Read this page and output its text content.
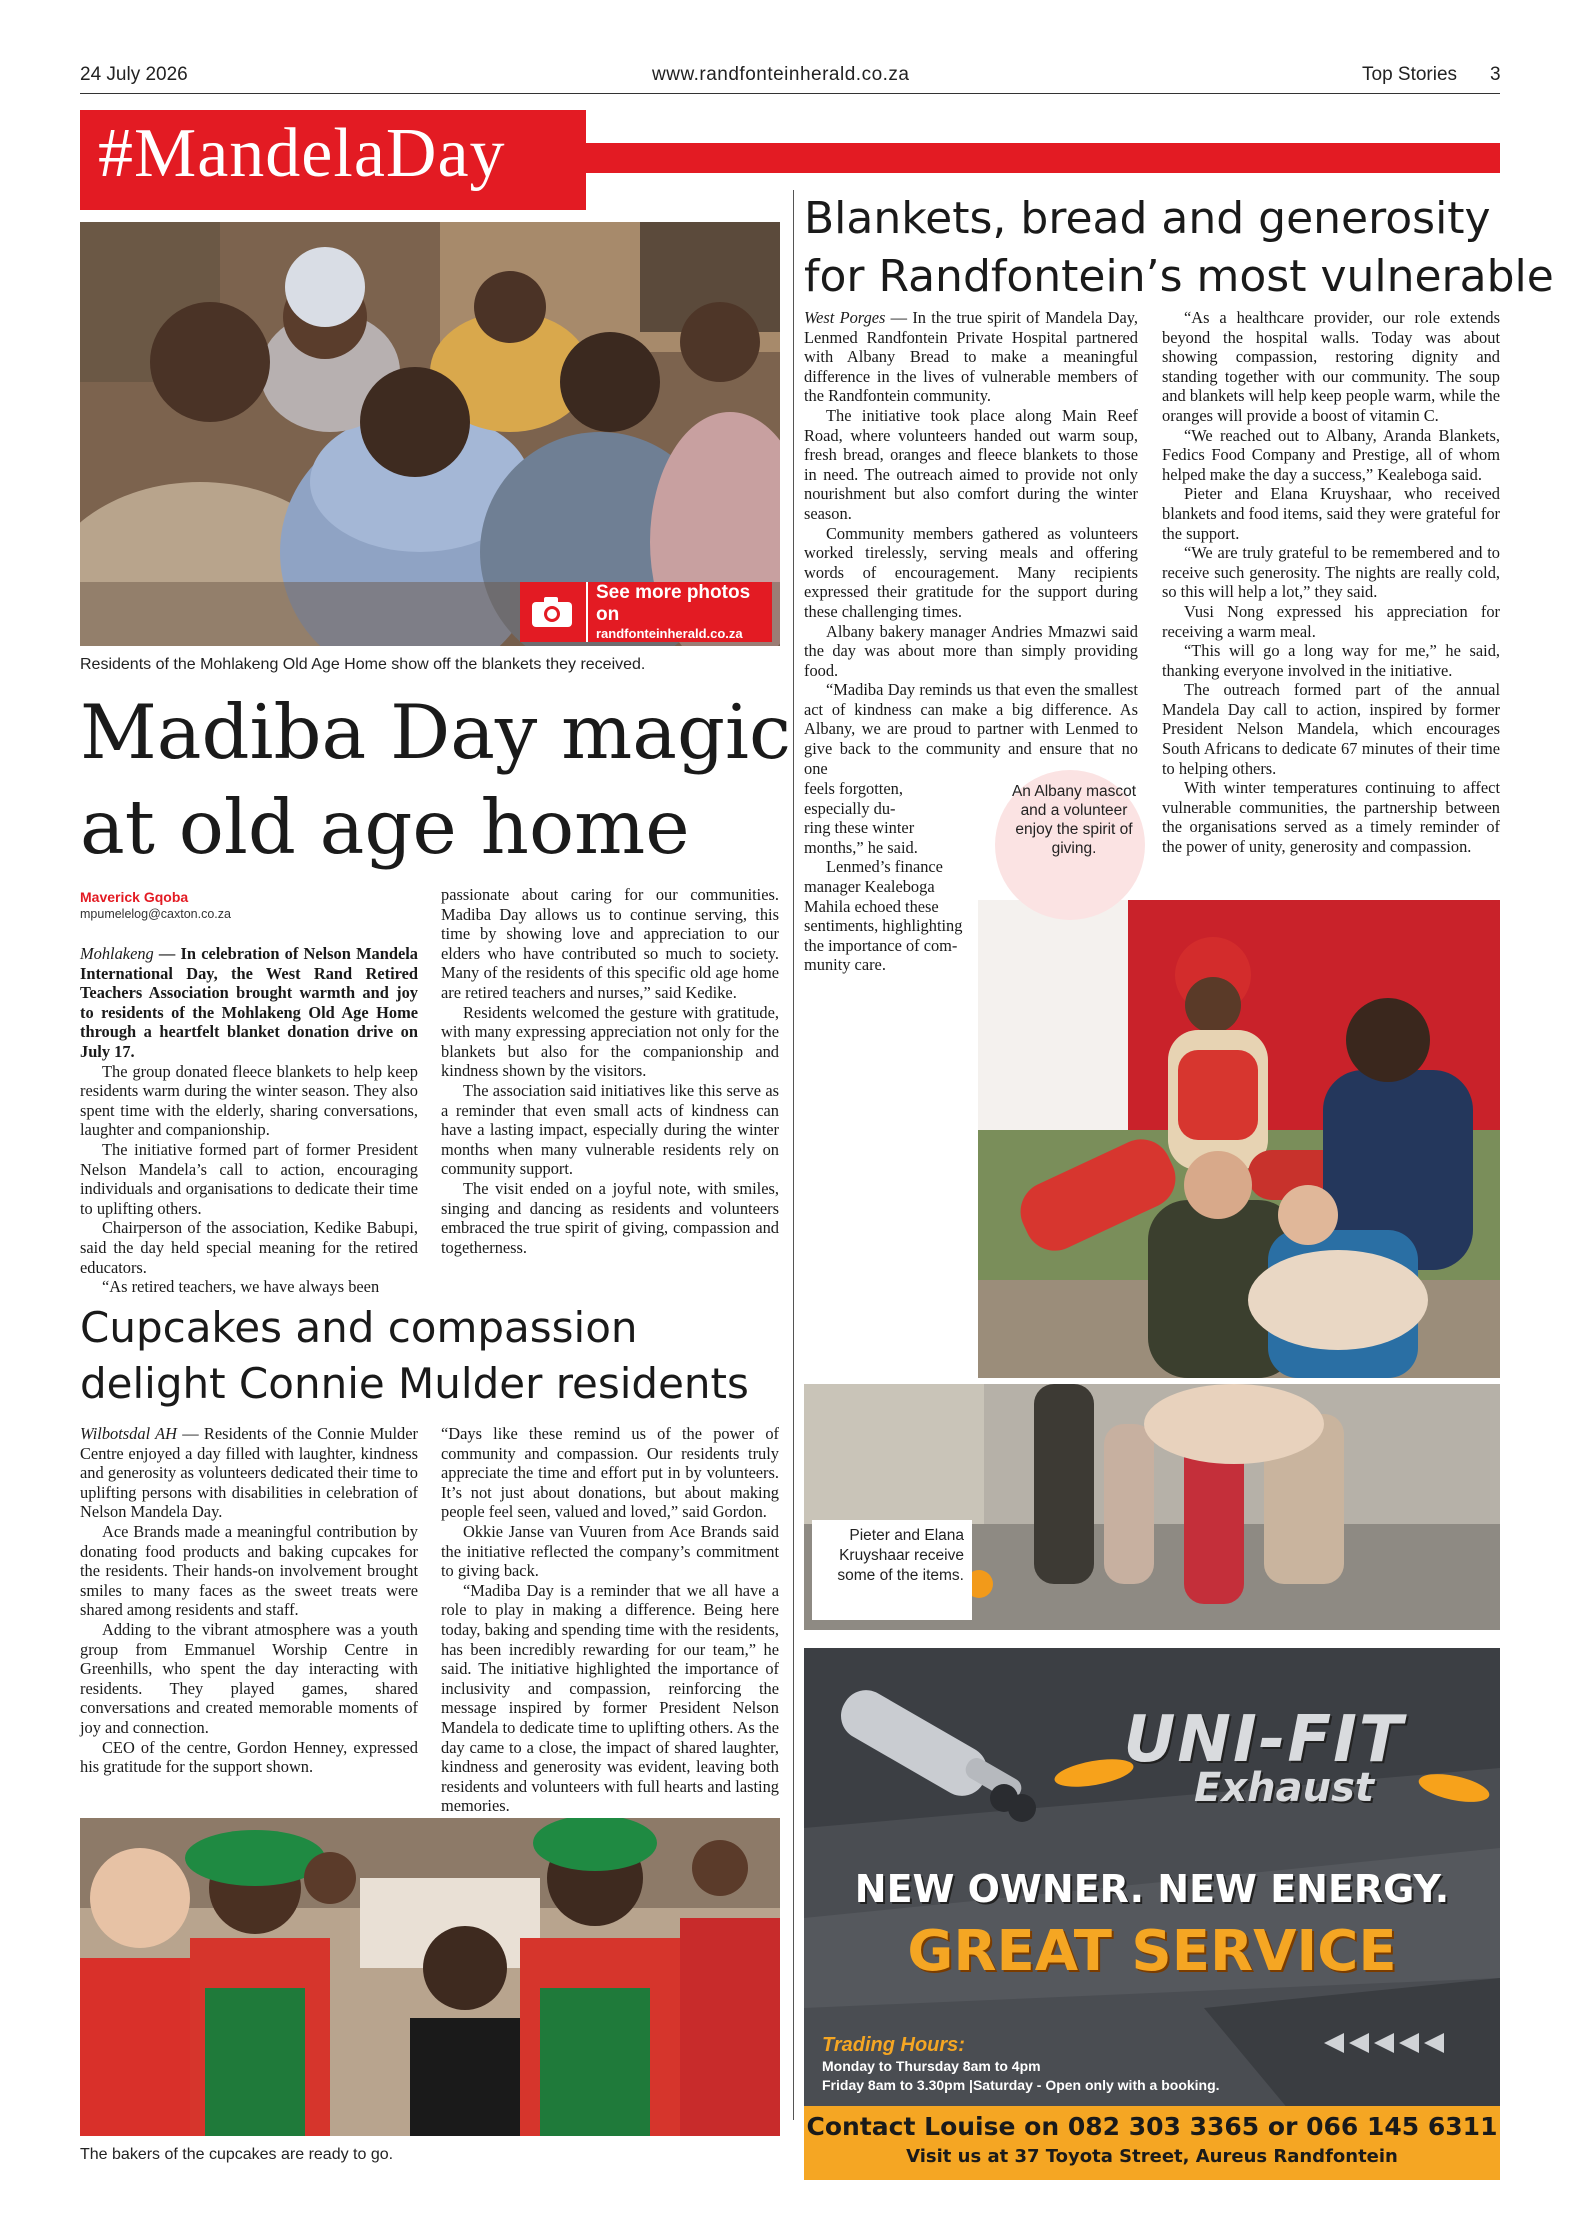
24 July 2026	www.randfonteinherald.co.za	Top Stories 3
#MandelaDay
See more photos on
randfonteinherald.co.za
Residents of the Mohlakeng Old Age Home show off the blankets they received.
Madiba Day magic
at old age home
Maverick Gqoba
mpumelelog@caxton.co.za

Mohlakeng — In celebration of Nelson Mandela International Day, the West Rand Retired Teachers Association brought warmth and joy to residents of the Mohlakeng Old Age Home through a heartfelt blanket donation drive on July 17.

The group donated fleece blankets to help keep residents warm during the winter season. They also spent time with the elderly, sharing conversations, laughter and companionship.

The initiative formed part of former President Nelson Mandela’s call to action, encouraging individuals and organisations to dedicate their time to uplifting others.

Chairperson of the association, Kedike Babupi, said the day held special meaning for the retired educators.

“As retired teachers, we have always been

passionate about caring for our communities. Madiba Day allows us to continue serving, this time by showing love and appreciation to our elders who have contributed so much to society. Many of the residents of this specific old age home are retired teachers and nurses,” said Kedike.

Residents welcomed the gesture with gratitude, with many expressing appreciation not only for the blankets but also for the companionship and kindness shown by the visitors.

The association said initiatives like this serve as a reminder that even small acts of kindness can have a lasting impact, especially during the winter months when many vulnerable residents rely on community support.

The visit ended on a joyful note, with smiles, singing and dancing as residents and volunteers embraced the true spirit of giving, compassion and togetherness.

Cupcakes and compassion
delight Connie Mulder residents

Wilbotsdal AH — Residents of the Connie Mulder Centre enjoyed a day filled with laughter, kindness and generosity as volunteers dedicated their time to uplifting persons with disabilities in celebration of Nelson Mandela Day.

Ace Brands made a meaningful contribution by donating food products and baking cupcakes for the residents. Their hands-on involvement brought smiles to many faces as the sweet treats were shared among residents and staff.

Adding to the vibrant atmosphere was a youth group from Emmanuel Worship Centre in Greenhills, who spent the day interacting with residents. They played games, shared conversations and created memorable moments of joy and connection.

CEO of the centre, Gordon Henney, expressed his gratitude for the support shown.

“Days like these remind us of the power of community and compassion. Our residents truly appreciate the time and effort put in by volunteers. It’s not just about donations, but about making people feel seen, valued and loved,” said Gordon.

Okkie Janse van Vuuren from Ace Brands said the initiative reflected the company’s commitment to giving back.

“Madiba Day is a reminder that we all have a role to play in making a difference. Being here today, baking and spending time with the residents, has been incredibly rewarding for our team,” he said. The initiative highlighted the importance of inclusivity and compassion, reinforcing the message inspired by former President Nelson Mandela to dedicate time to uplifting others. As the day came to a close, the impact of shared laughter, kindness and generosity was evident, leaving both residents and volunteers with full hearts and lasting memories.

The bakers of the cupcakes are ready to go.
Blankets, bread and generosity
for Randfontein’s most vulnerable

West Porges — In the true spirit of Mandela Day, Lenmed Randfontein Private Hospital partnered with Albany Bread to make a meaningful difference in the lives of vulnerable members of the Randfontein community.

The initiative took place along Main Reef Road, where volunteers handed out warm soup, fresh bread, oranges and fleece blankets to those in need. The outreach aimed to provide not only nourishment but also comfort during the winter season.

Community members gathered as volunteers worked tirelessly, serving meals and offering words of encouragement. Many recipients expressed their gratitude for the support during these challenging times.

Albany bakery manager Andries Mmazwi said the day was about more than simply providing food.

“Madiba Day reminds us that even the smallest act of kindness can make a big difference. As Albany, we are proud to partner with Lenmed to give back to the community and ensure that no one

feels forgotten,
especially du-
ring these winter
months,” he said.
Lenmed’s finance
manager Kealeboga
Mahila echoed these
sentiments, highlighting
the importance of com-
munity care.

“As a healthcare provider, our role extends beyond the hospital walls. Today was about showing compassion, restoring dignity and standing together with our community. The soup and blankets will help keep people warm, while the oranges will provide a boost of vitamin C.

“We reached out to Albany, Aranda Blankets, Fedics Food Company and Prestige, all of whom helped make the day a success,” Kealeboga said.

Pieter and Elana Kruyshaar, who received blankets and food items, said they were grateful for the support.

“We are truly grateful to be remembered and to receive such generosity. The nights are really cold, so this will help a lot,” they said.

Vusi Nong expressed his appreciation for receiving a warm meal.

“This will go a long way for me,” he said, thanking everyone involved in the initiative.

The outreach formed part of the annual Mandela Day call to action, inspired by former President Nelson Mandela, which encourages South Africans to dedicate 67 minutes of their time to helping others.

With winter temperatures continuing to affect vulnerable communities, the partnership between the organisations served as a timely reminder of the power of unity, generosity and compassion.

An Albany mascot and a volunteer enjoy the spirit of giving.
Pieter and Elana Kruyshaar receive some of the items.
UNI-FIT
Exhaust
NEW OWNER. NEW ENERGY.
GREAT SERVICE
Trading Hours:
Monday to Thursday 8am to 4pm
Friday 8am to 3.30pm |Saturday - Open only with a booking.
Contact Louise on 082 303 3365 or 066 145 6311
Visit us at 37 Toyota Street, Aureus Randfontein
